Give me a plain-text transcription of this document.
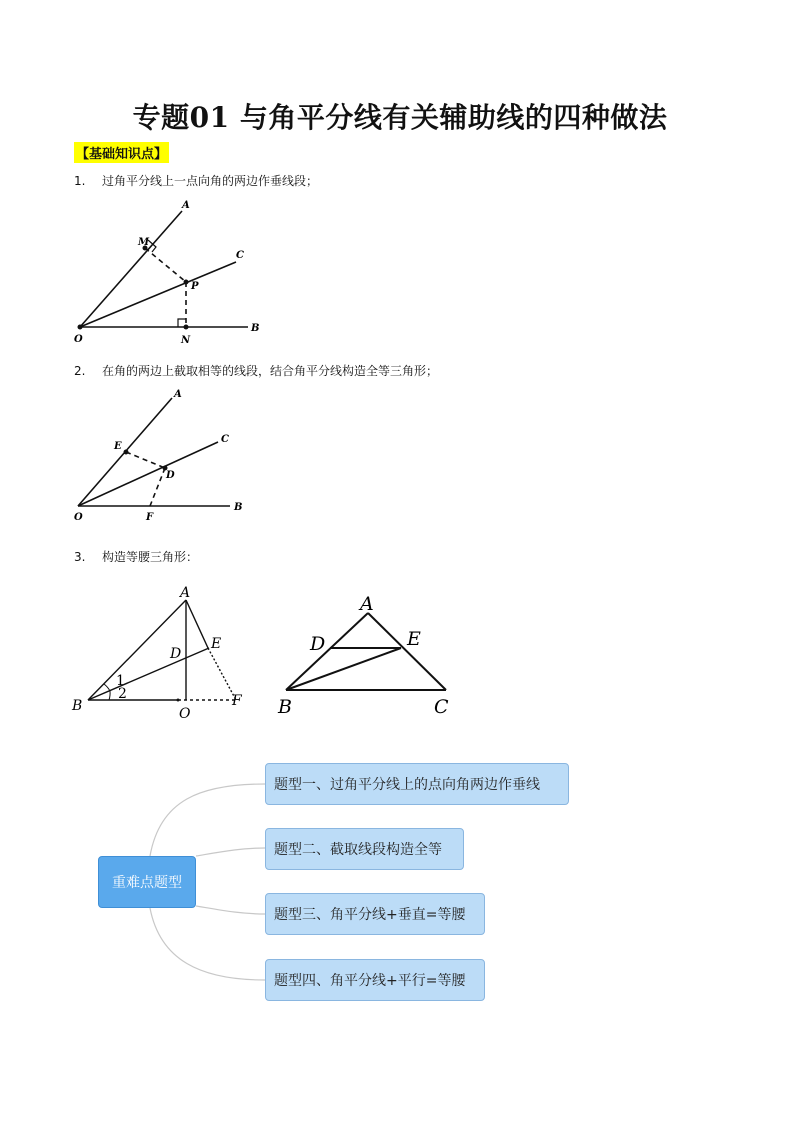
专题01 与角平分线有关辅助线的四种做法
【基础知识点】
1. 过角平分线上一点向角的两边作垂线段；
2. 在角的两边上截取相等的线段，结合角平分线构造全等三角形；
3. 构造等腰三角形：
A
M
C
P
O	N
B
A
E
C
D
O	F
B
A
D
E
B	O
F
1
2
A
D	E
B	C
重难点题型
题型一、过角平分线上的点向角两边作垂线
题型二、截取线段构造全等
题型三、角平分线+垂直=等腰
题型四、角平分线+平行=等腰
